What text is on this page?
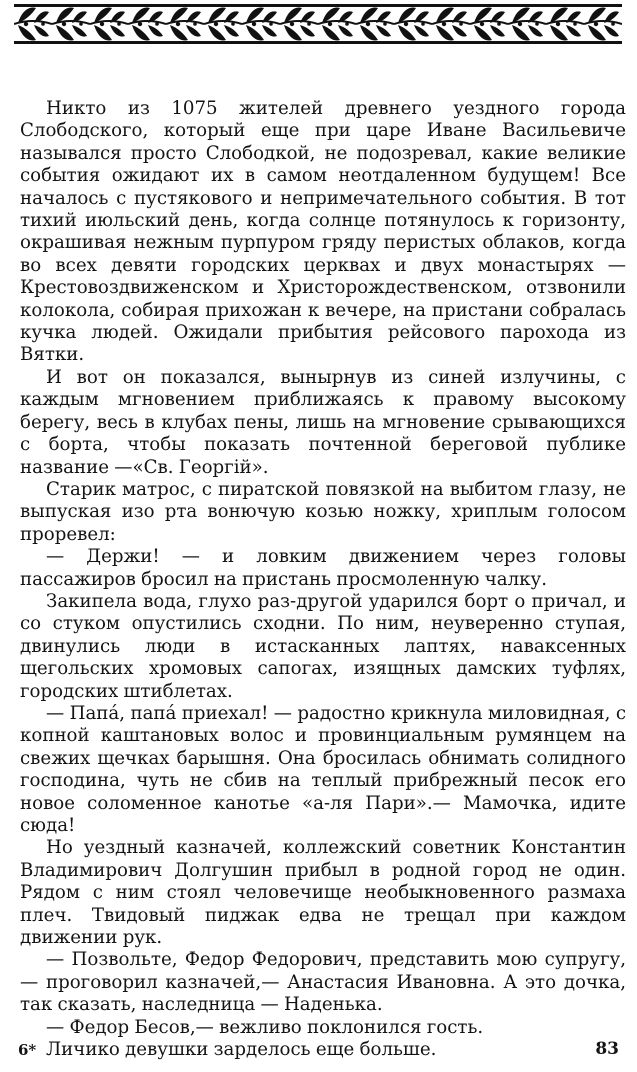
Никто из 1075 жителей древнего уездного города Слободского, который еще при царе Иване Васильевиче назывался просто Слободкой, не подозревал, какие великие события ожидают их в самом неотдаленном будущем! Все началось с пустякового и непримечательного события. В тот тихий июльский день, когда солнце потянулось к горизонту, окрашивая нежным пурпуром гряду перистых облаков, когда во всех девяти городских церквах и двух монастырях — Крестовоздвиженском и Христорождественском, отзвонили колокола, собирая прихожан к вечере, на пристани собралась кучка людей. Ожидали прибытия рейсового парохода из Вятки.

И вот он показался, вынырнув из синей излучины, с каждым мгновением приближаясь к правому высокому берегу, весь в клубах пены, лишь на мгновение срывающихся с борта, чтобы показать почтенной береговой публике название —«Св. Георгій».

Старик матрос, с пиратской повязкой на выбитом глазу, не выпуская изо рта вонючую козью ножку, хриплым голосом проревел:

— Держи! — и ловким движением через головы пассажиров бросил на пристань просмоленную чалку.

Закипела вода, глухо раз-другой ударился борт о причал, и со стуком опустились сходни. По ним, неуверенно ступая, двинулись люди в истасканных лаптях, наваксенных щегольских хромовых сапогах, изящных дамских туфлях, городских штиблетах.

— Папá, папá приехал! — радостно крикнула миловидная, с копной каштановых волос и провинциальным румянцем на свежих щечках барышня. Она бросилась обнимать солидного господина, чуть не сбив на теплый прибрежный песок его новое соломенное канотье «а-ля Пари».— Мамочка, идите сюда!

Но уездный казначей, коллежский советник Константин Владимирович Долгушин прибыл в родной город не один. Рядом с ним стоял человечище необыкновенного размаха плеч. Твидовый пиджак едва не трещал при каждом движении рук.

— Позвольте, Федор Федорович, представить мою супругу,— проговорил казначей,— Анастасия Ивановна. А это дочка, так сказать, наследница — Наденька.

— Федор Бесов,— вежливо поклонился гость.

Личико девушки зарделось еще больше.

6*	83
